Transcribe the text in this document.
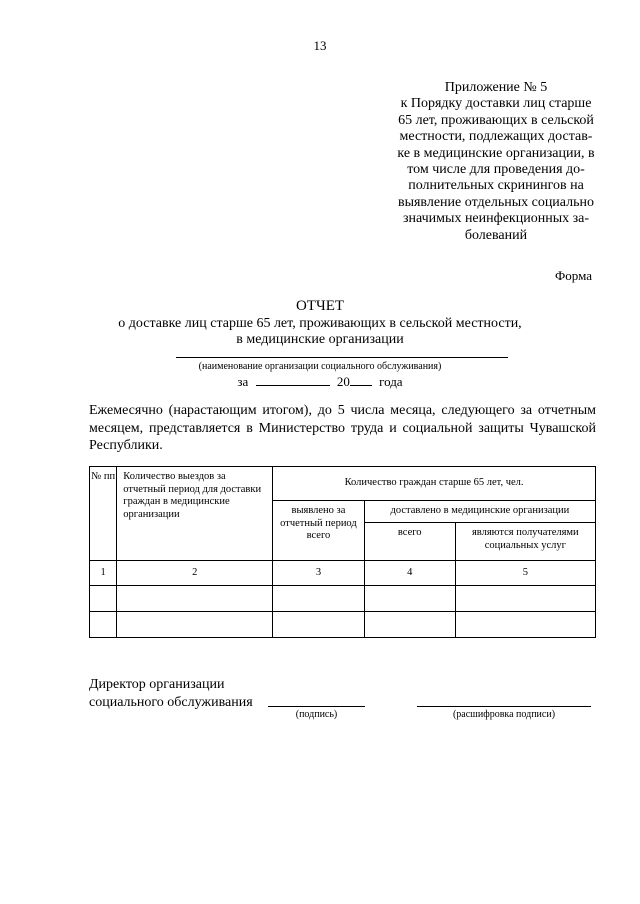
13
Приложение № 5
к Порядку доставки лиц старше
65 лет, проживающих в сельской
местности, подлежащих достав-
ке в медицинские организации, в
том числе для проведения до-
полнительных скринингов на
выявление отдельных социально
значимых неинфекционных за-
болеваний
Форма
ОТЧЕТ
о доставке лиц старше 65 лет, проживающих в сельской местности,
в медицинские организации
(наименование организации социального обслуживания)
за	20 года
Ежемесячно (нарастающим итогом), до 5 числа месяца, следующего за отчетным месяцем, представляется в Министерство труда и социальной защиты Чувашской Республики.
№ пп	Количество выездов за отчетный период для доставки граждан в медицинские организации	Количество граждан старше 65 лет, чел.		
		выявлено за отчетный период всего	доставлено в медицинские организации	
			всего	являются получателями социальных услуг
1	2	3	4	5

Директор организации
социального обслуживания
(подпись)	(расшифровка подписи)
